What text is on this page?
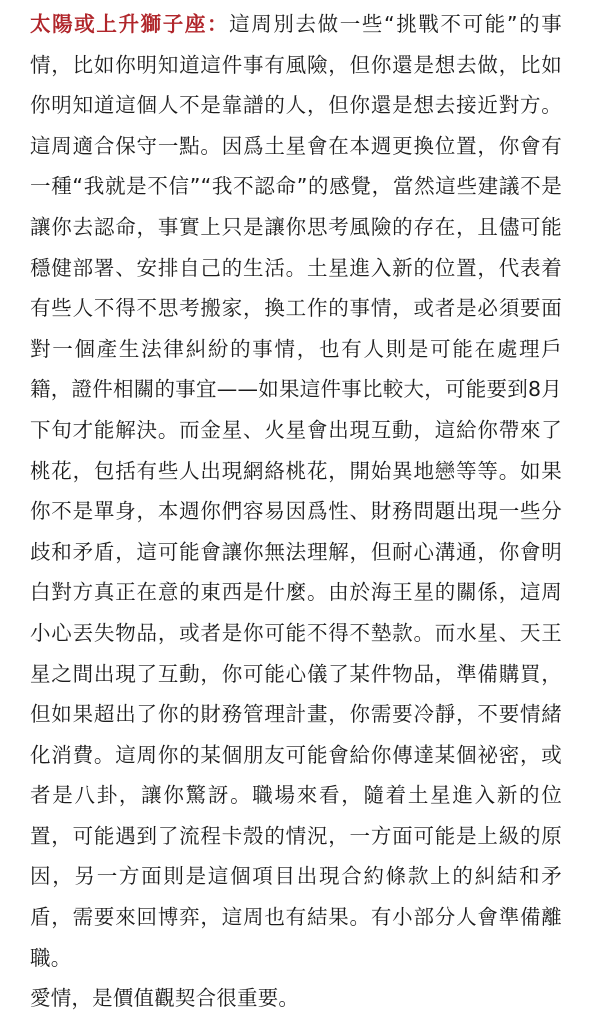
太陽或上升獅子座：這周別去做一些“挑戰不可能”的事情，比如你明知道這件事有風險，但你還是想去做，比如你明知道這個人不是靠譜的人，但你還是想去接近對方。這周適合保守一點。因爲土星會在本週更換位置，你會有一種“我就是不信”“我不認命”的感覺，當然這些建議不是讓你去認命，事實上只是讓你思考風險的存在，且儘可能穩健部署、安排自己的生活。土星進入新的位置，代表着有些人不得不思考搬家，換工作的事情，或者是必須要面對一個產生法律糾紛的事情，也有人則是可能在處理戶籍，證件相關的事宜——如果這件事比較大，可能要到8月下旬才能解決。而金星、火星會出現互動，這給你帶來了桃花，包括有些人出現網絡桃花，開始異地戀等等。如果你不是單身，本週你們容易因爲性、財務問題出現一些分歧和矛盾，這可能會讓你無法理解，但耐心溝通，你會明白對方真正在意的東西是什麼。由於海王星的關係，這周小心丟失物品，或者是你可能不得不墊款。而水星、天王星之間出現了互動，你可能心儀了某件物品，準備購買，但如果超出了你的財務管理計畫，你需要冷靜，不要情緒化消費。這周你的某個朋友可能會給你傳達某個祕密，或者是八卦，讓你驚訝。職場來看，隨着土星進入新的位置，可能遇到了流程卡殼的情況，一方面可能是上級的原因，另一方面則是這個項目出現合約條款上的糾結和矛盾，需要來回博弈，這周也有結果。有小部分人會準備離職。

愛情，是價值觀契合很重要。
